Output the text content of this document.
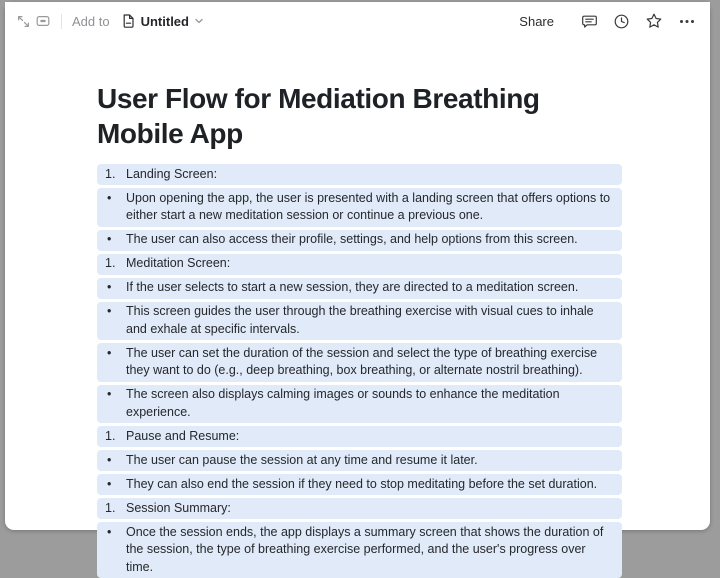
Add to Untitled	Share
User Flow for Mediation Breathing Mobile App
1. Landing Screen:
•	Upon opening the app, the user is presented with a landing screen that offers options to either start a new meditation session or continue a previous one.
•	The user can also access their profile, settings, and help options from this screen.
1. Meditation Screen:
•	If the user selects to start a new session, they are directed to a meditation screen.
•	This screen guides the user through the breathing exercise with visual cues to inhale and exhale at specific intervals.
•	The user can set the duration of the session and select the type of breathing exercise they want to do (e.g., deep breathing, box breathing, or alternate nostril breathing).
•	The screen also displays calming images or sounds to enhance the meditation experience.
1. Pause and Resume:
•	The user can pause the session at any time and resume it later.
•	They can also end the session if they need to stop meditating before the set duration.
1. Session Summary:
•	Once the session ends, the app displays a summary screen that shows the duration of the session, the type of breathing exercise performed, and the user's progress over time.
